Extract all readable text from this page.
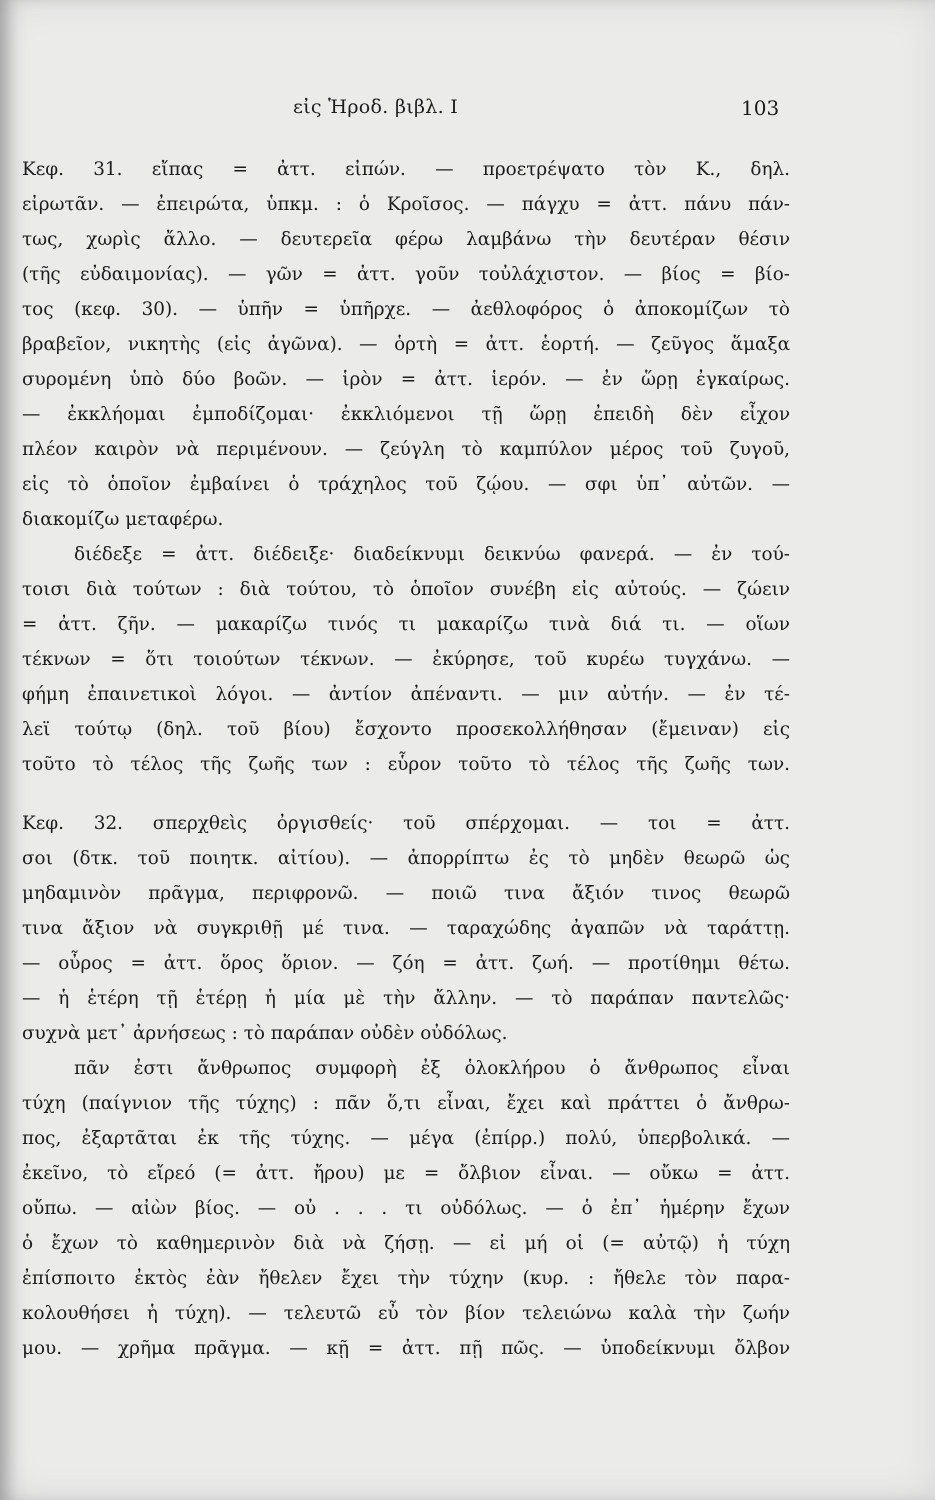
εἰς Ἡροδ. βιβλ. Ι	103
Κεφ. 31. εἴπας = ἀττ. εἰπών. — προετρέψατο τὸν Κ., δηλ.
εἰρωτᾶν. — ἐπειρώτα, ὑπκμ. : ὁ Κροῖσος. — πάγχυ = ἀττ. πάνυ πάν-
τως, χωρὶς ἄλλο. — δευτερεῖα φέρω λαμβάνω τὴν δευτέραν θέσιν
(τῆς εὐδαιμονίας). — γῶν = ἀττ. γοῦν τοὐλάχιστον. — βίος = βίο-
τος (κεφ. 30). — ὑπῆν = ὑπῆρχε. — ἀεθλοφόρος ὁ ἀποκομίζων τὸ
βραβεῖον, νικητὴς (εἰς ἀγῶνα). — ὁρτὴ = ἀττ. ἑορτή. — ζεῦγος ἅμαξα
συρομένη ὑπὸ δύο βοῶν. — ἱρὸν = ἀττ. ἱερόν. — ἐν ὥρῃ ἐγκαίρως.
— ἐκκλήομαι ἐμποδίζομαι· ἐκκλιόμενοι τῇ ὥρῃ ἐπειδὴ δὲν εἶχον
πλέον καιρὸν νὰ περιμένουν. — ζεύγλη τὸ καμπύλον μέρος τοῦ ζυγοῦ,
εἰς τὸ ὁποῖον ἐμβαίνει ὁ τράχηλος τοῦ ζῴου. — σφι ὑπ᾽ αὐτῶν. —
διακομίζω μεταφέρω.
διέδεξε = ἀττ. διέδειξε· διαδείκνυμι δεικνύω φανερά. — ἐν τού-
τοισι διὰ τούτων : διὰ τούτου, τὸ ὁποῖον συνέβη εἰς αὐτούς. — ζώειν
= ἀττ. ζῆν. — μακαρίζω τινός τι μακαρίζω τινὰ διά τι. — οἵων
τέκνων = ὅτι τοιούτων τέκνων. — ἐκύρησε, τοῦ κυρέω τυγχάνω. —
φήμη ἐπαινετικοὶ λόγοι. — ἀντίον ἀπέναντι. — μιν αὐτήν. — ἐν τέ-
λεϊ τούτῳ (δηλ. τοῦ βίου) ἔσχοντο προσεκολλήθησαν (ἔμειναν) εἰς
τοῦτο τὸ τέλος τῆς ζωῆς των : εὗρον τοῦτο τὸ τέλος τῆς ζωῆς των.
Κεφ. 32. σπερχθεὶς ὀργισθείς· τοῦ σπέρχομαι. — τοι = ἀττ.
σοι (δτκ. τοῦ ποιητκ. αἰτίου). — ἀπορρίπτω ἐς τὸ μηδὲν θεωρῶ ὡς
μηδαμινὸν πρᾶγμα, περιφρονῶ. — ποιῶ τινα ἄξιόν τινος θεωρῶ
τινα ἄξιον νὰ συγκριθῇ μέ τινα. — ταραχώδης ἀγαπῶν νὰ ταράττῃ.
— οὖρος = ἀττ. ὅρος ὅριον. — ζόη = ἀττ. ζωή. — προτίθημι θέτω.
— ἡ ἑτέρη τῇ ἑτέρῃ ἡ μία μὲ τὴν ἄλλην. — τὸ παράπαν παντελῶς·
συχνὰ μετ᾽ ἀρνήσεως : τὸ παράπαν οὐδὲν οὐδόλως.
πᾶν ἐστι ἄνθρωπος συμφορὴ ἐξ ὁλοκλήρου ὁ ἄνθρωπος εἶναι
τύχη (παίγνιον τῆς τύχης) : πᾶν ὅ,τι εἶναι, ἔχει καὶ πράττει ὁ ἄνθρω-
πος, ἐξαρτᾶται ἐκ τῆς τύχης. — μέγα (ἐπίρρ.) πολύ, ὑπερβολικά. —
ἐκεῖνο, τὸ εἴρεό (= ἀττ. ἤρου) με = ὄλβιον εἶναι. — οὔκω = ἀττ.
οὔπω. — αἰὼν βίος. — οὐ . . . τι οὐδόλως. — ὁ ἐπ᾽ ἡμέρην ἔχων
ὁ ἔχων τὸ καθημερινὸν διὰ νὰ ζήσῃ. — εἰ μή οἱ (= αὐτῷ) ἡ τύχη
ἐπίσποιτο ἐκτὸς ἐὰν ἤθελεν ἔχει τὴν τύχην (κυρ. : ἤθελε τὸν παρα-
κολουθήσει ἡ τύχη). — τελευτῶ εὖ τὸν βίον τελειώνω καλὰ τὴν ζωήν
μου. — χρῆμα πρᾶγμα. — κῇ = ἀττ. πῇ πῶς. — ὑποδείκνυμι ὄλβον
